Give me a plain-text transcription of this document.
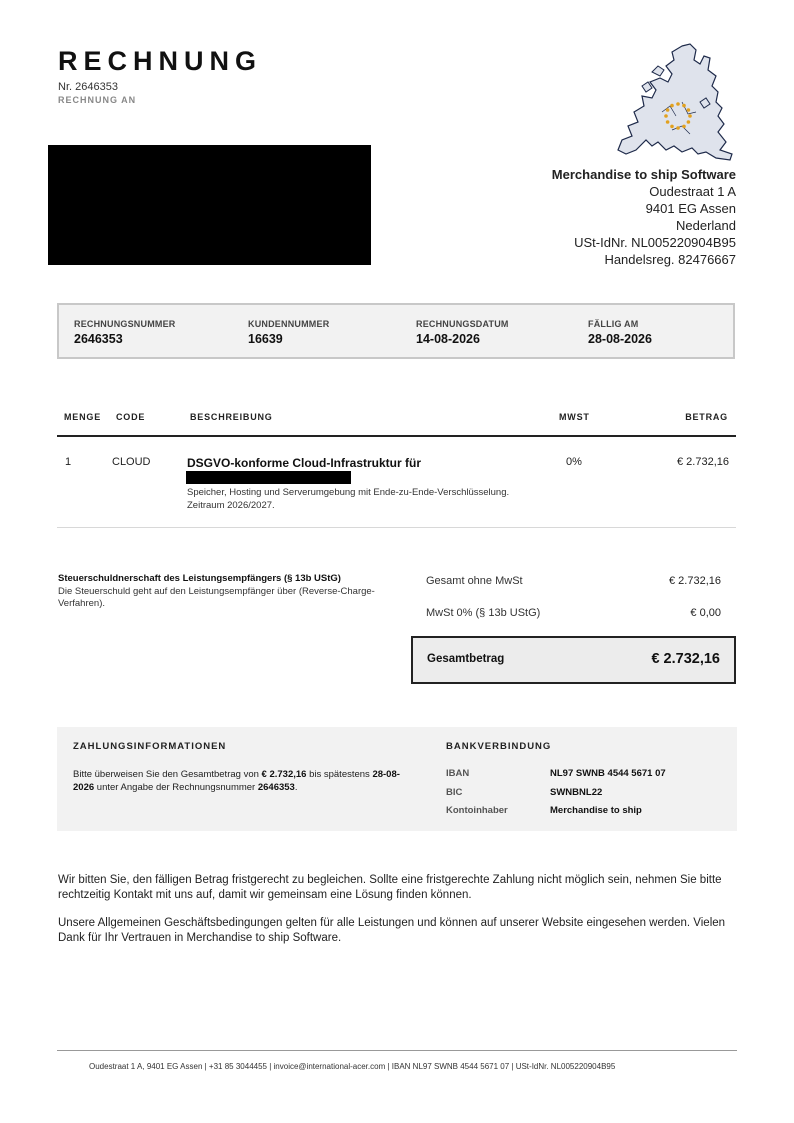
RECHNUNG
Nr. 2646353
RECHNUNG AN
Merchandise to ship Software
Oudestraat 1 A
9401 EG Assen
Nederland
USt-IdNr. NL005220904B95
Handelsreg. 82476667
RECHNUNGSNUMMER
2646353
KUNDENNUMMER
16639
RECHNUNGSDATUM
14-08-2026
FÄLLIG AM
28-08-2026
MENGE CODE	BESCHREIBUNG	MWST	BETRAG
1	CLOUD	DSGVO-konforme Cloud-Infrastruktur für
Speicher, Hosting und Serverumgebung mit Ende-zu-Ende-Verschlüsselung.
Zeitraum 2026/2027.
0%	€ 2.732,16
Steuerschuldnerschaft des Leistungsempfängers (§ 13b UStG)
Die Steuerschuld geht auf den Leistungsempfänger über (Reverse-Charge-Verfahren).
Gesamt ohne MwSt	€ 2.732,16
MwSt 0% (§ 13b UStG)	€ 0,00
Gesamtbetrag	€ 2.732,16
ZAHLUNGSINFORMATIONEN
Bitte überweisen Sie den Gesamtbetrag von € 2.732,16 bis spätestens 28-08-2026 unter Angabe der Rechnungsnummer 2646353.
BANKVERBINDUNG
IBAN	NL97 SWNB 4544 5671 07
BIC	SWNBNL22
Kontoinhaber	Merchandise to ship
Wir bitten Sie, den fälligen Betrag fristgerecht zu begleichen. Sollte eine fristgerechte Zahlung nicht möglich sein, nehmen Sie bitte rechtzeitig Kontakt mit uns auf, damit wir gemeinsam eine Lösung finden können.
Unsere Allgemeinen Geschäftsbedingungen gelten für alle Leistungen und können auf unserer Website eingesehen werden. Vielen Dank für Ihr Vertrauen in Merchandise to ship Software.
Oudestraat 1 A, 9401 EG Assen | +31 85 3044455 | invoice@international-acer.com | IBAN NL97 SWNB 4544 5671 07 | USt-IdNr. NL005220904B95
